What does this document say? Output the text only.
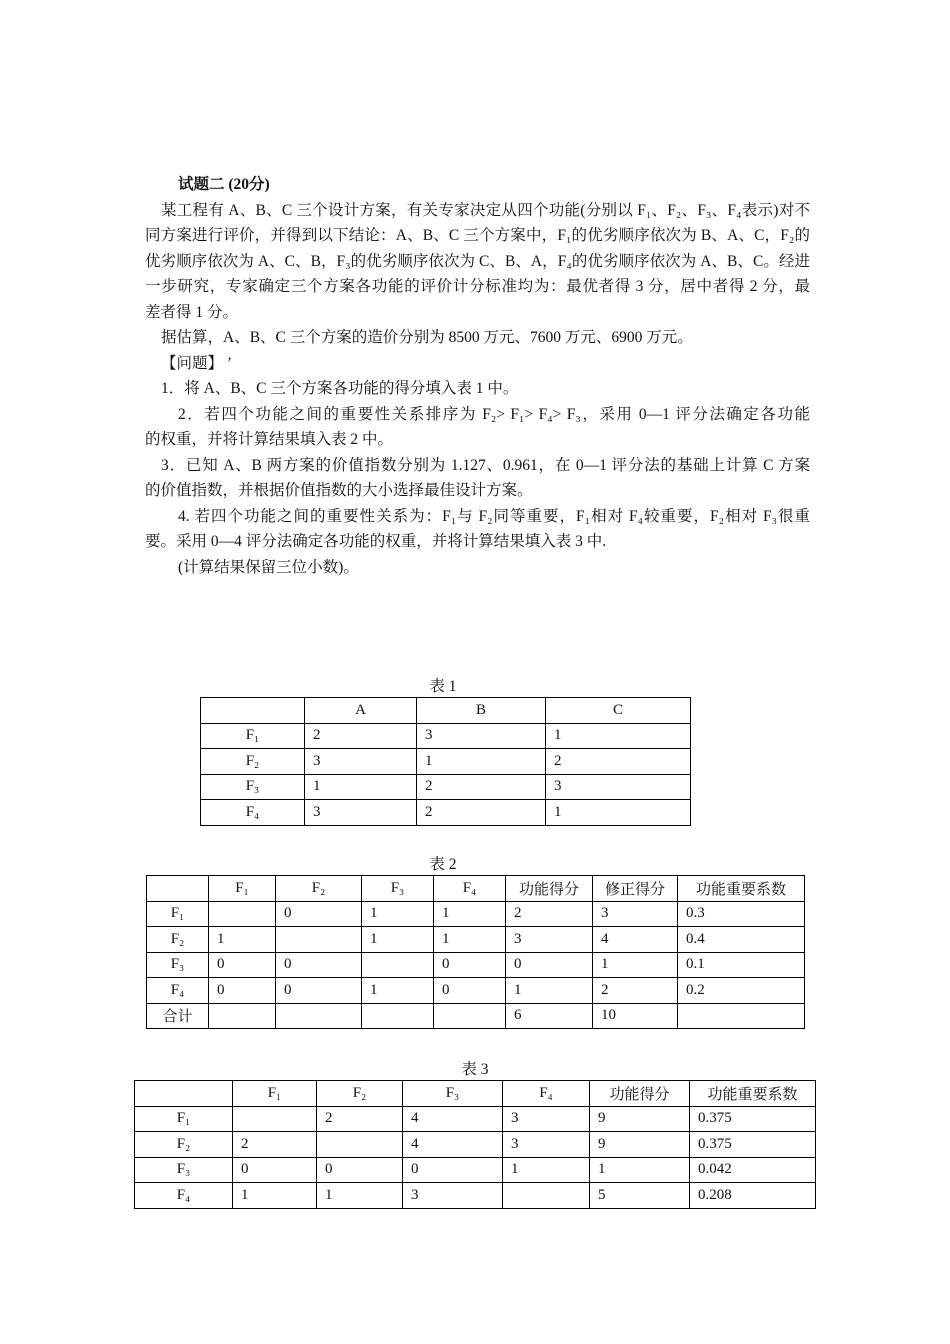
试题二 (20分)
某工程有 A、B、C 三个设计方案，有关专家决定从四个功能(分别以 F₁、F₂、F₃、F₄表示)对不
同方案进行评价，并得到以下结论：A、B、C 三个方案中，F₁的优劣顺序依次为 B、A、C，F₂的
优劣顺序依次为 A、C、B，F₃的优劣顺序依次为 C、B、A，F₄的优劣顺序依次为 A、B、C。经进
一步研究，专家确定三个方案各功能的评价计分标准均为：最优者得 3 分，居中者得 2 分，最
差者得 1 分。
据估算，A、B、C 三个方案的造价分别为 8500 万元、7600 万元、6900 万元。
【问题】 ’
1．将 A、B、C 三个方案各功能的得分填入表 1 中。
2．若四个功能之间的重要性关系排序为 F₂> F₁> F₄> F₃，采用 0—1 评分法确定各功能
的权重，并将计算结果填入表 2 中。
3．已知 A、B 两方案的价值指数分别为 1.127、0.961，在 0—1 评分法的基础上计算 C 方案
的价值指数，并根据价值指数的大小选择最佳设计方案。
4. 若四个功能之间的重要性关系为：F₁与 F₂同等重要，F₁相对 F₄较重要，F₂相对 F₃很重
要。采用 0—4 评分法确定各功能的权重，并将计算结果填入表 3 中.
(计算结果保留三位小数)。
表 1
	A	B	C
F₁	2	3	1
F₂	3	1	2
F₃	1	2	3
F₄	3	2	1
表 2
	F₁	F₂	F₃	F₄	功能得分	修正得分	功能重要系数
F₁		0	1	1	2	3	0.3
F₂	1		1	1	3	4	0.4
F₃	0	0		0	0	1	0.1
F₄	0	0	1	0	1	2	0.2
合计					6	10	
表 3
	F₁	F₂	F₃	F₄	功能得分	功能重要系数
F₁		2	4	3	9	0.375
F₂	2		4	3	9	0.375
F₃	0	0	0	1	1	0.042
F₄	1	1	3		5	0.208
